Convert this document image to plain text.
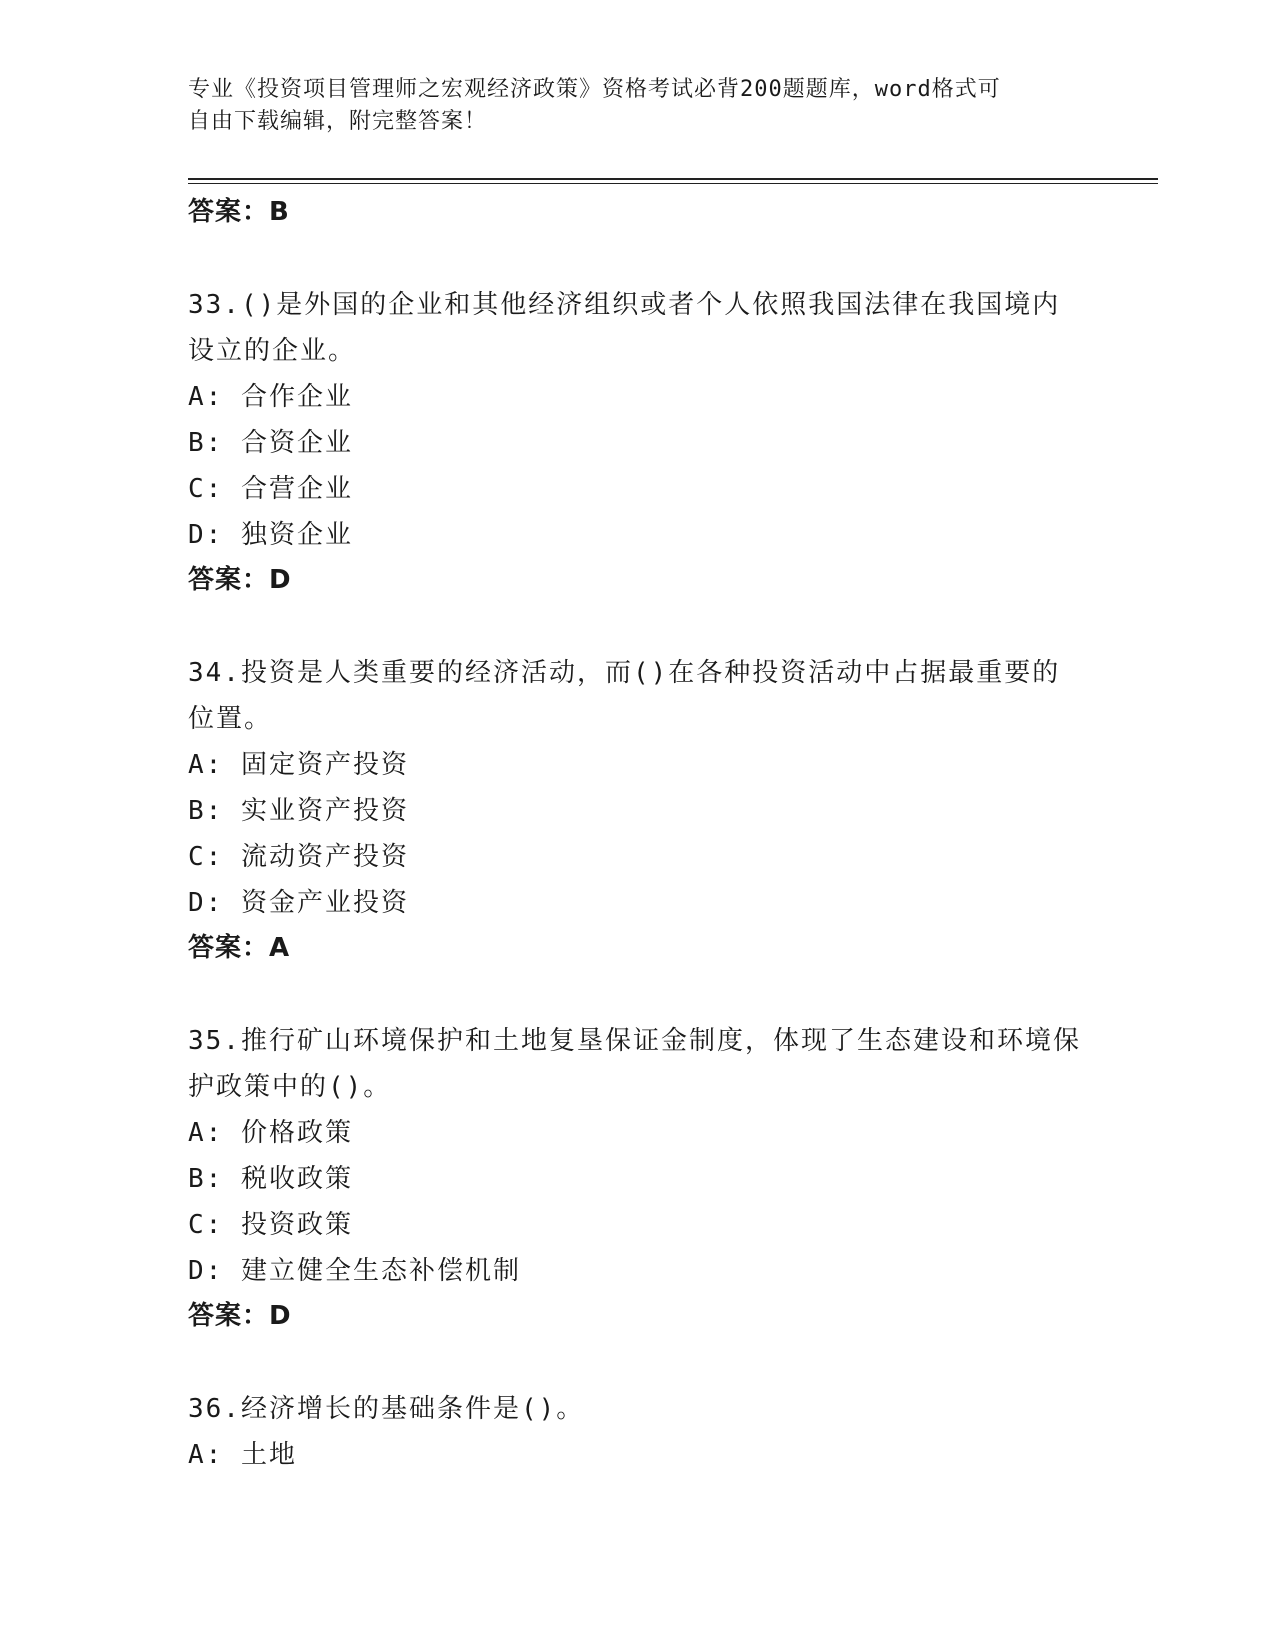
专业《投资项目管理师之宏观经济政策》资格考试必背200题题库，word格式可
自由下载编辑，附完整答案！
答案：B
33.()是外国的企业和其他经济组织或者个人依照我国法律在我国境内设立的企业。
A: 合作企业
B: 合资企业
C: 合营企业
D: 独资企业
答案：D
34.投资是人类重要的经济活动，而()在各种投资活动中占据最重要的位置。
A: 固定资产投资
B: 实业资产投资
C: 流动资产投资
D: 资金产业投资
答案：A
35.推行矿山环境保护和土地复垦保证金制度，体现了生态建设和环境保护政策中的()。
A: 价格政策
B: 税收政策
C: 投资政策
D: 建立健全生态补偿机制
答案：D
36.经济增长的基础条件是()。
A: 土地
